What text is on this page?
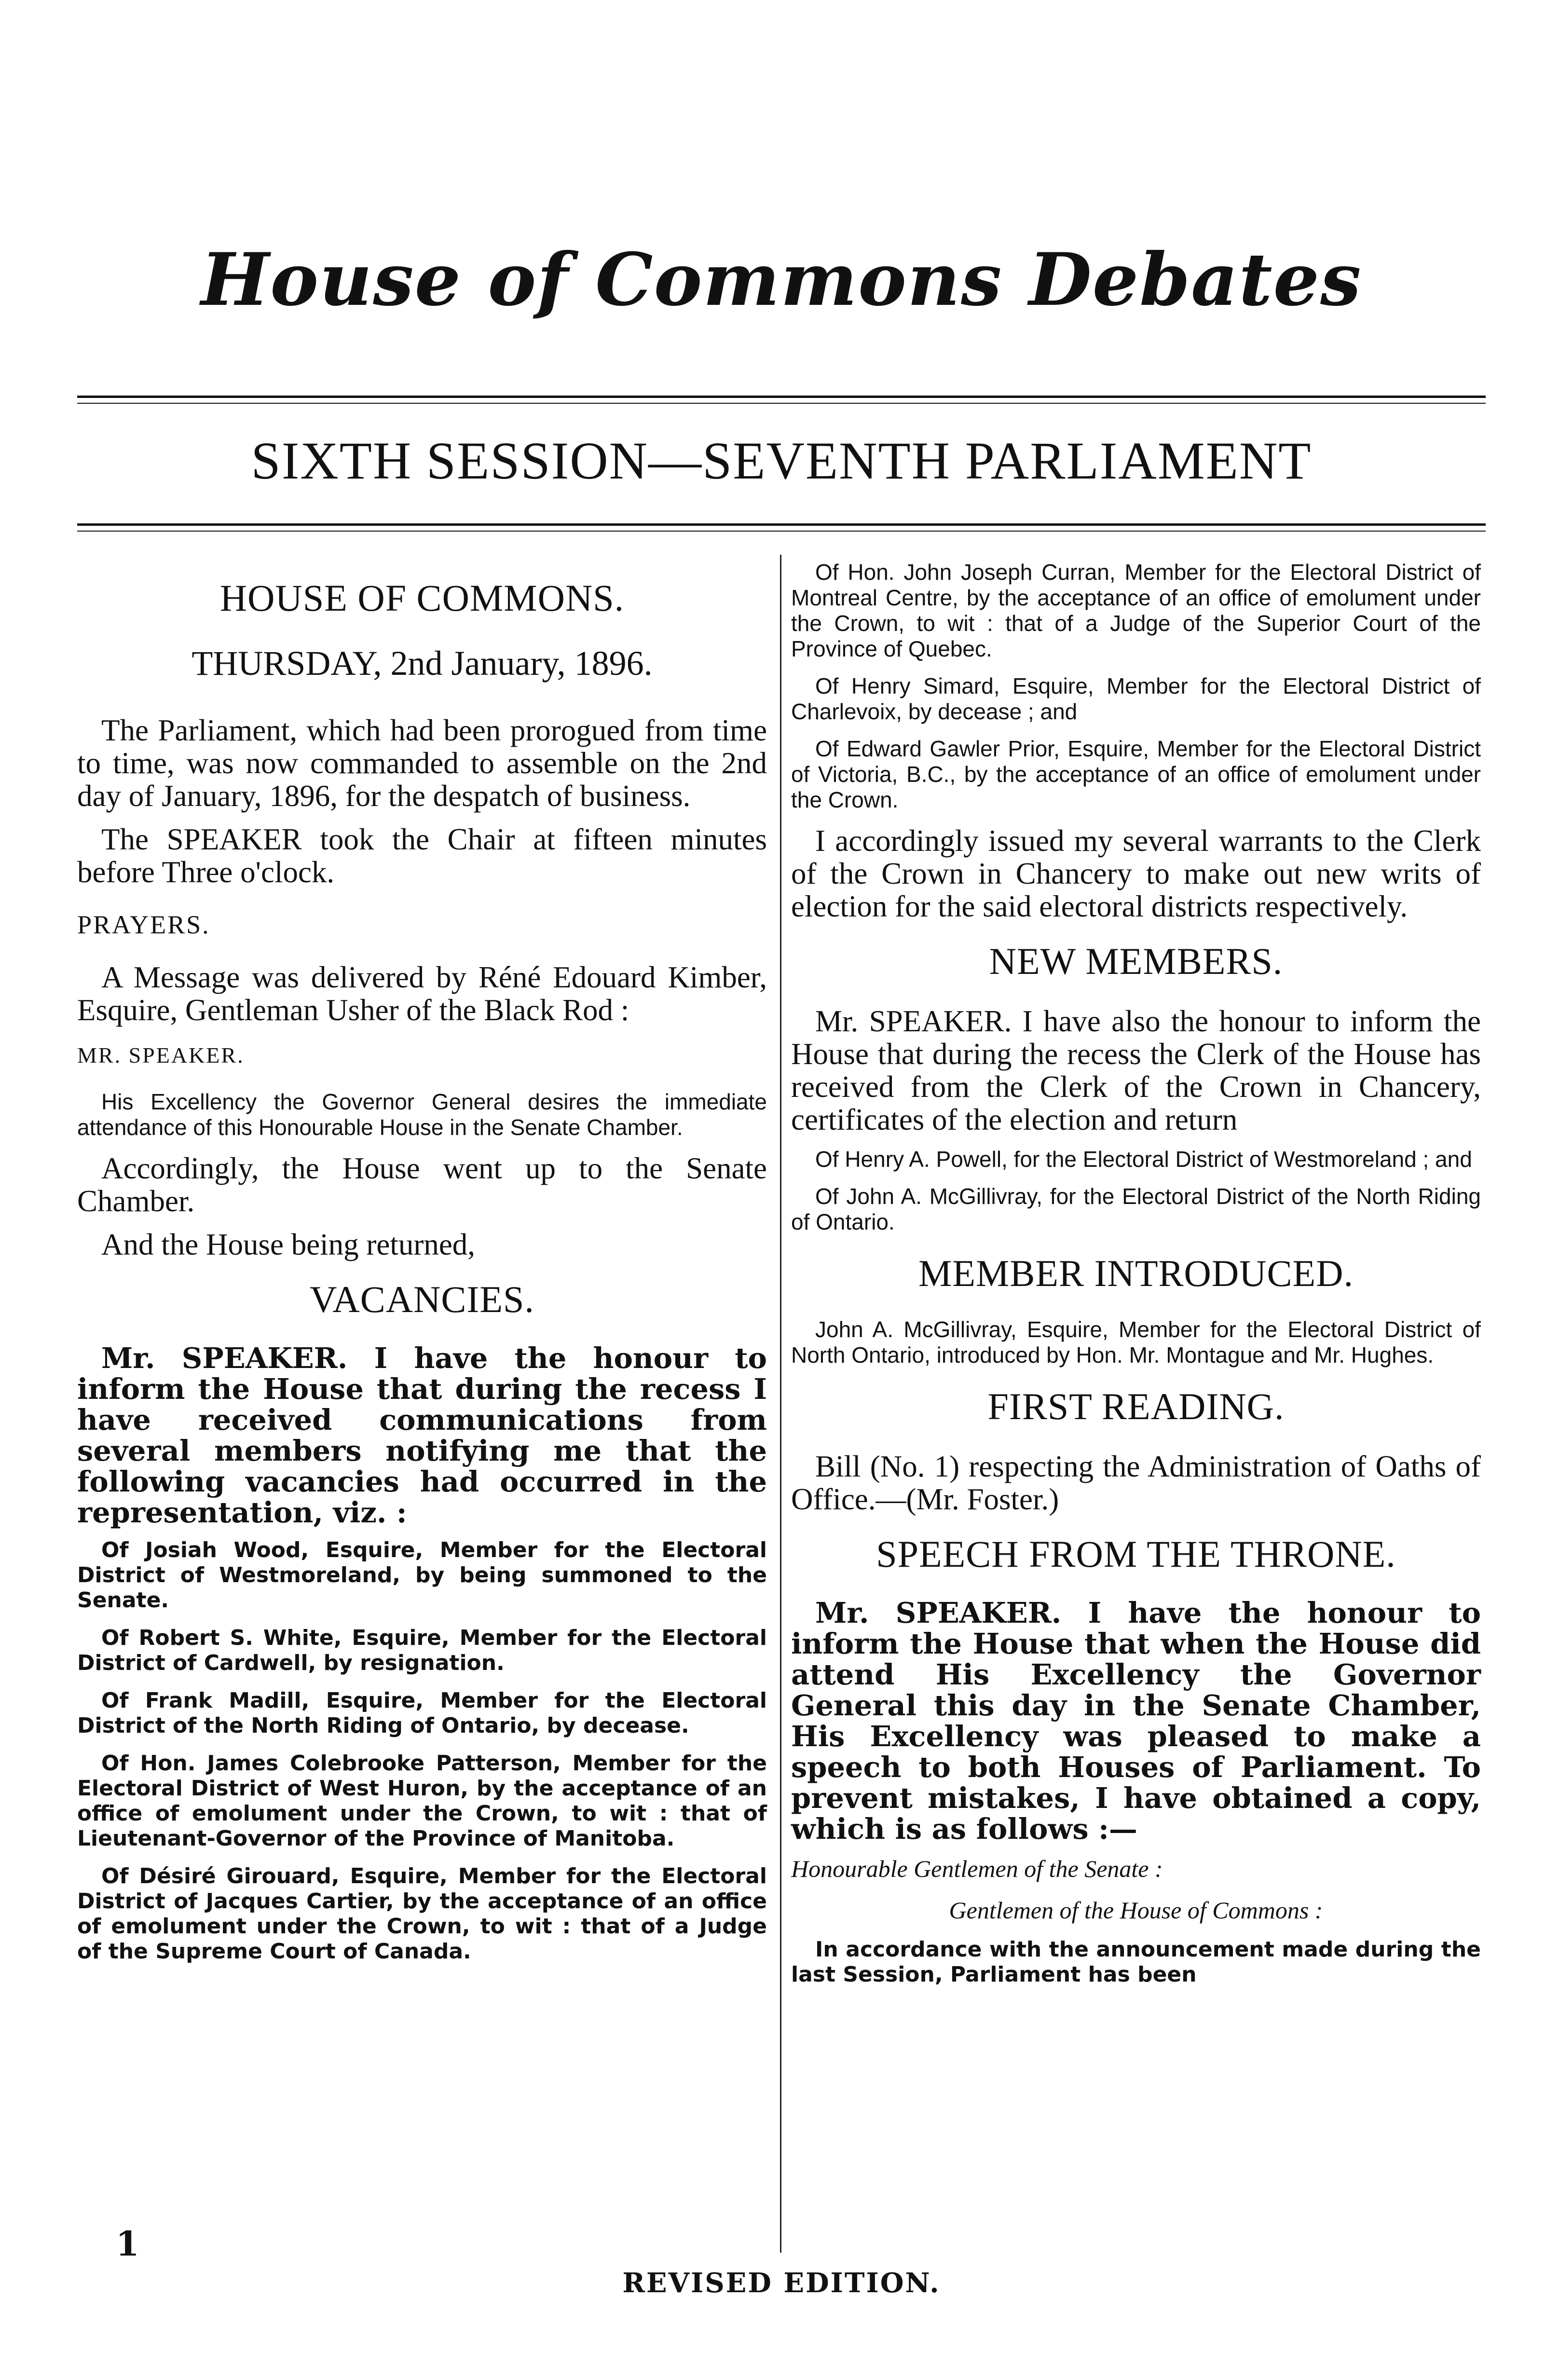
House of Commons Debates
SIXTH SESSION—SEVENTH PARLIAMENT
HOUSE OF COMMONS.
THURSDAY, 2nd January, 1896.

The Parliament, which had been prorogued from time to time, was now commanded to assemble on the 2nd day of January, 1896, for the despatch of business.

The SPEAKER took the Chair at fifteen minutes before Three o'clock.

PRAYERS.

A Message was delivered by Réné Edouard Kimber, Esquire, Gentleman Usher of the Black Rod :

MR. SPEAKER.

His Excellency the Governor General desires the immediate attendance of this Honourable House in the Senate Chamber.

Accordingly, the House went up to the Senate Chamber.

And the House being returned,

VACANCIES.

Mr. SPEAKER. I have the honour to inform the House that during the recess I have received communications from several members notifying me that the following vacancies had occurred in the representation, viz. :

Of Josiah Wood, Esquire, Member for the Electoral District of Westmoreland, by being summoned to the Senate.

Of Robert S. White, Esquire, Member for the Electoral District of Cardwell, by resignation.

Of Frank Madill, Esquire, Member for the Electoral District of the North Riding of Ontario, by decease.

Of Hon. James Colebrooke Patterson, Member for the Electoral District of West Huron, by the acceptance of an office of emolument under the Crown, to wit : that of Lieutenant-Governor of the Province of Manitoba.

Of Désiré Girouard, Esquire, Member for the Electoral District of Jacques Cartier, by the acceptance of an office of emolument under the Crown, to wit : that of a Judge of the Supreme Court of Canada.

Of Hon. John Joseph Curran, Member for the Electoral District of Montreal Centre, by the acceptance of an office of emolument under the Crown, to wit : that of a Judge of the Superior Court of the Province of Quebec.

Of Henry Simard, Esquire, Member for the Electoral District of Charlevoix, by decease ; and

Of Edward Gawler Prior, Esquire, Member for the Electoral District of Victoria, B.C., by the acceptance of an office of emolument under the Crown.

I accordingly issued my several warrants to the Clerk of the Crown in Chancery to make out new writs of election for the said electoral districts respectively.

NEW MEMBERS.

Mr. SPEAKER. I have also the honour to inform the House that during the recess the Clerk of the House has received from the Clerk of the Crown in Chancery, certificates of the election and return

Of Henry A. Powell, for the Electoral District of Westmoreland ; and

Of John A. McGillivray, for the Electoral District of the North Riding of Ontario.

MEMBER INTRODUCED.

John A. McGillivray, Esquire, Member for the Electoral District of North Ontario, introduced by Hon. Mr. Montague and Mr. Hughes.

FIRST READING.

Bill (No. 1) respecting the Administration of Oaths of Office.—(Mr. Foster.)

SPEECH FROM THE THRONE.

Mr. SPEAKER. I have the honour to inform the House that when the House did attend His Excellency the Governor General this day in the Senate Chamber, His Excellency was pleased to make a speech to both Houses of Parliament. To prevent mistakes, I have obtained a copy, which is as follows :—

Honourable Gentlemen of the Senate :
Gentlemen of the House of Commons :

In accordance with the announcement made during the last Session, Parliament has been

1
REVISED EDITION.
